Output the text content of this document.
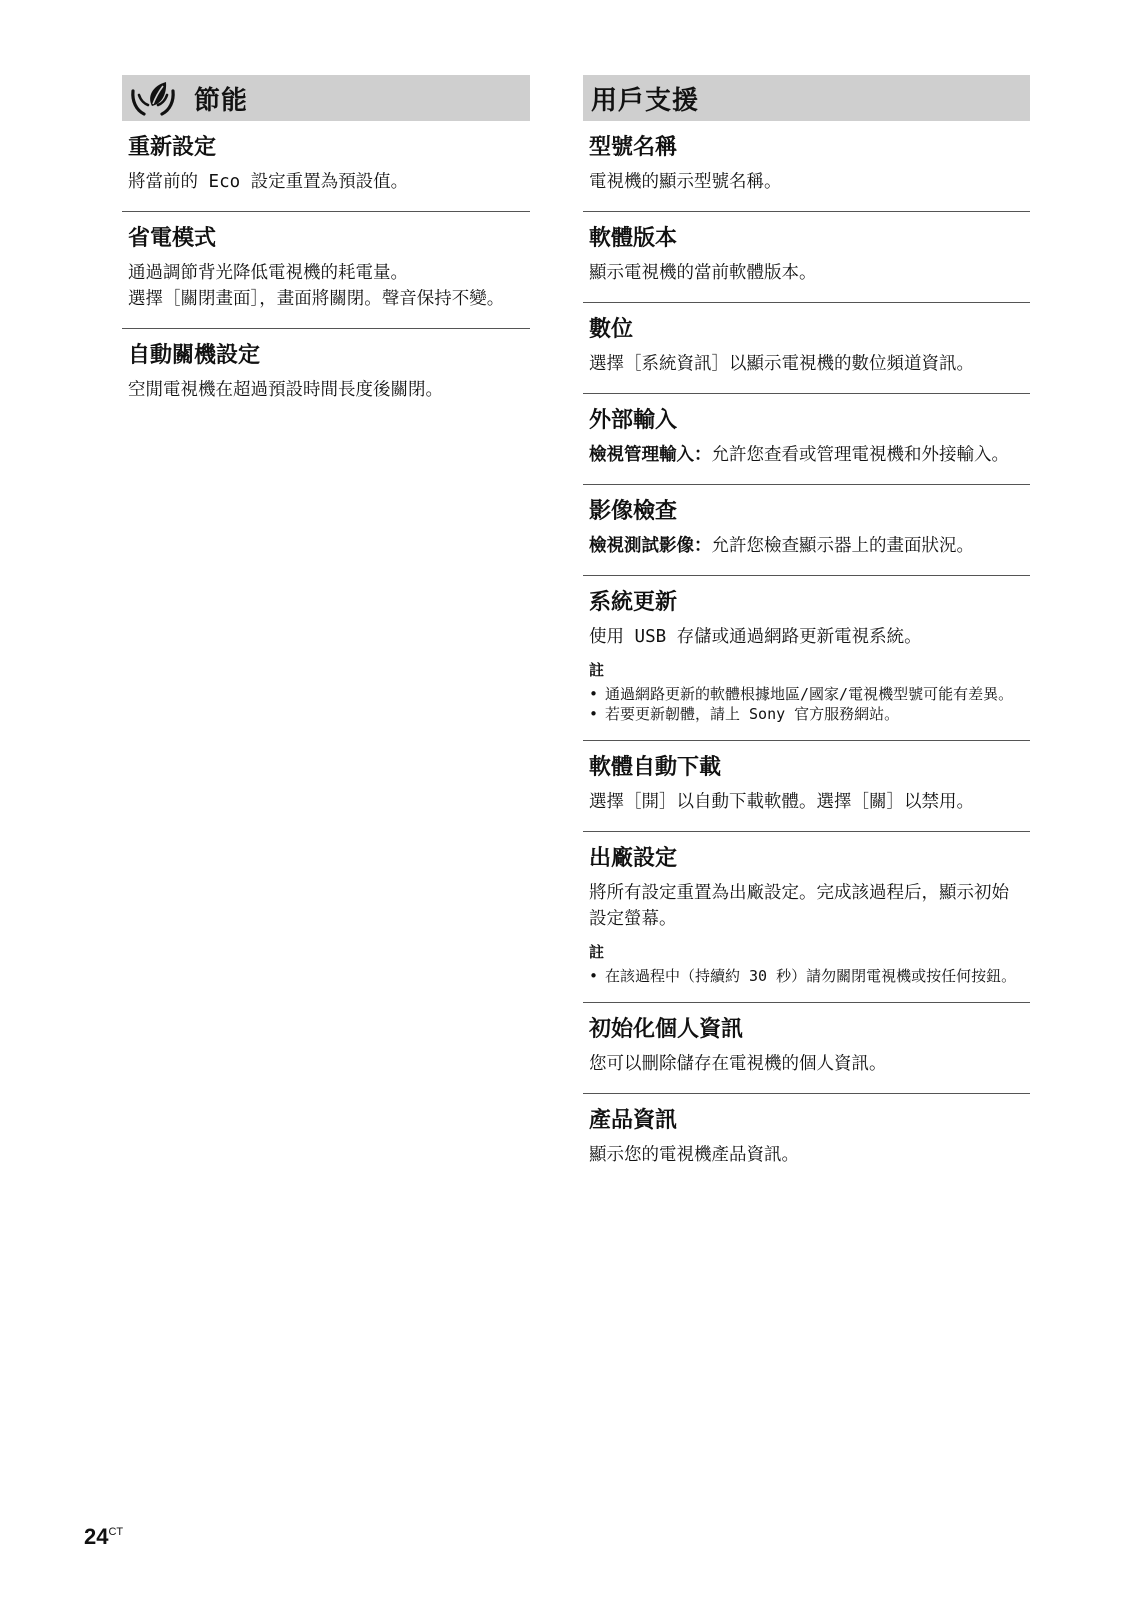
節能
重新設定

將當前的 Eco 設定重置為預設值。

省電模式

通過調節背光降低電視機的耗電量。

選擇［關閉畫面］，畫面將關閉。聲音保持不變。

自動關機設定

空閒電視機在超過預設時間長度後關閉。

用戶支援
型號名稱

電視機的顯示型號名稱。

軟體版本

顯示電視機的當前軟體版本。

數位

選擇［系統資訊］以顯示電視機的數位頻道資訊。

外部輸入

檢視管理輸入：允許您查看或管理電視機和外接輸入。

影像檢查

檢視測試影像：允許您檢查顯示器上的畫面狀況。

系統更新

使用 USB 存儲或通過網路更新電視系統。

註
• 通過網路更新的軟體根據地區/國家/電視機型號可能有差異。
• 若要更新韌體，請上 Sony 官方服務網站。
軟體自動下載

選擇［開］以自動下載軟體。選擇［關］以禁用。

出廠設定

將所有設定重置為出廠設定。完成該過程后，顯示初始設定螢幕。

註
• 在該過程中（持續約 30 秒）請勿關閉電視機或按任何按鈕。
初始化個人資訊

您可以刪除儲存在電視機的個人資訊。

產品資訊

顯示您的電視機產品資訊。

$24^{CT}$
